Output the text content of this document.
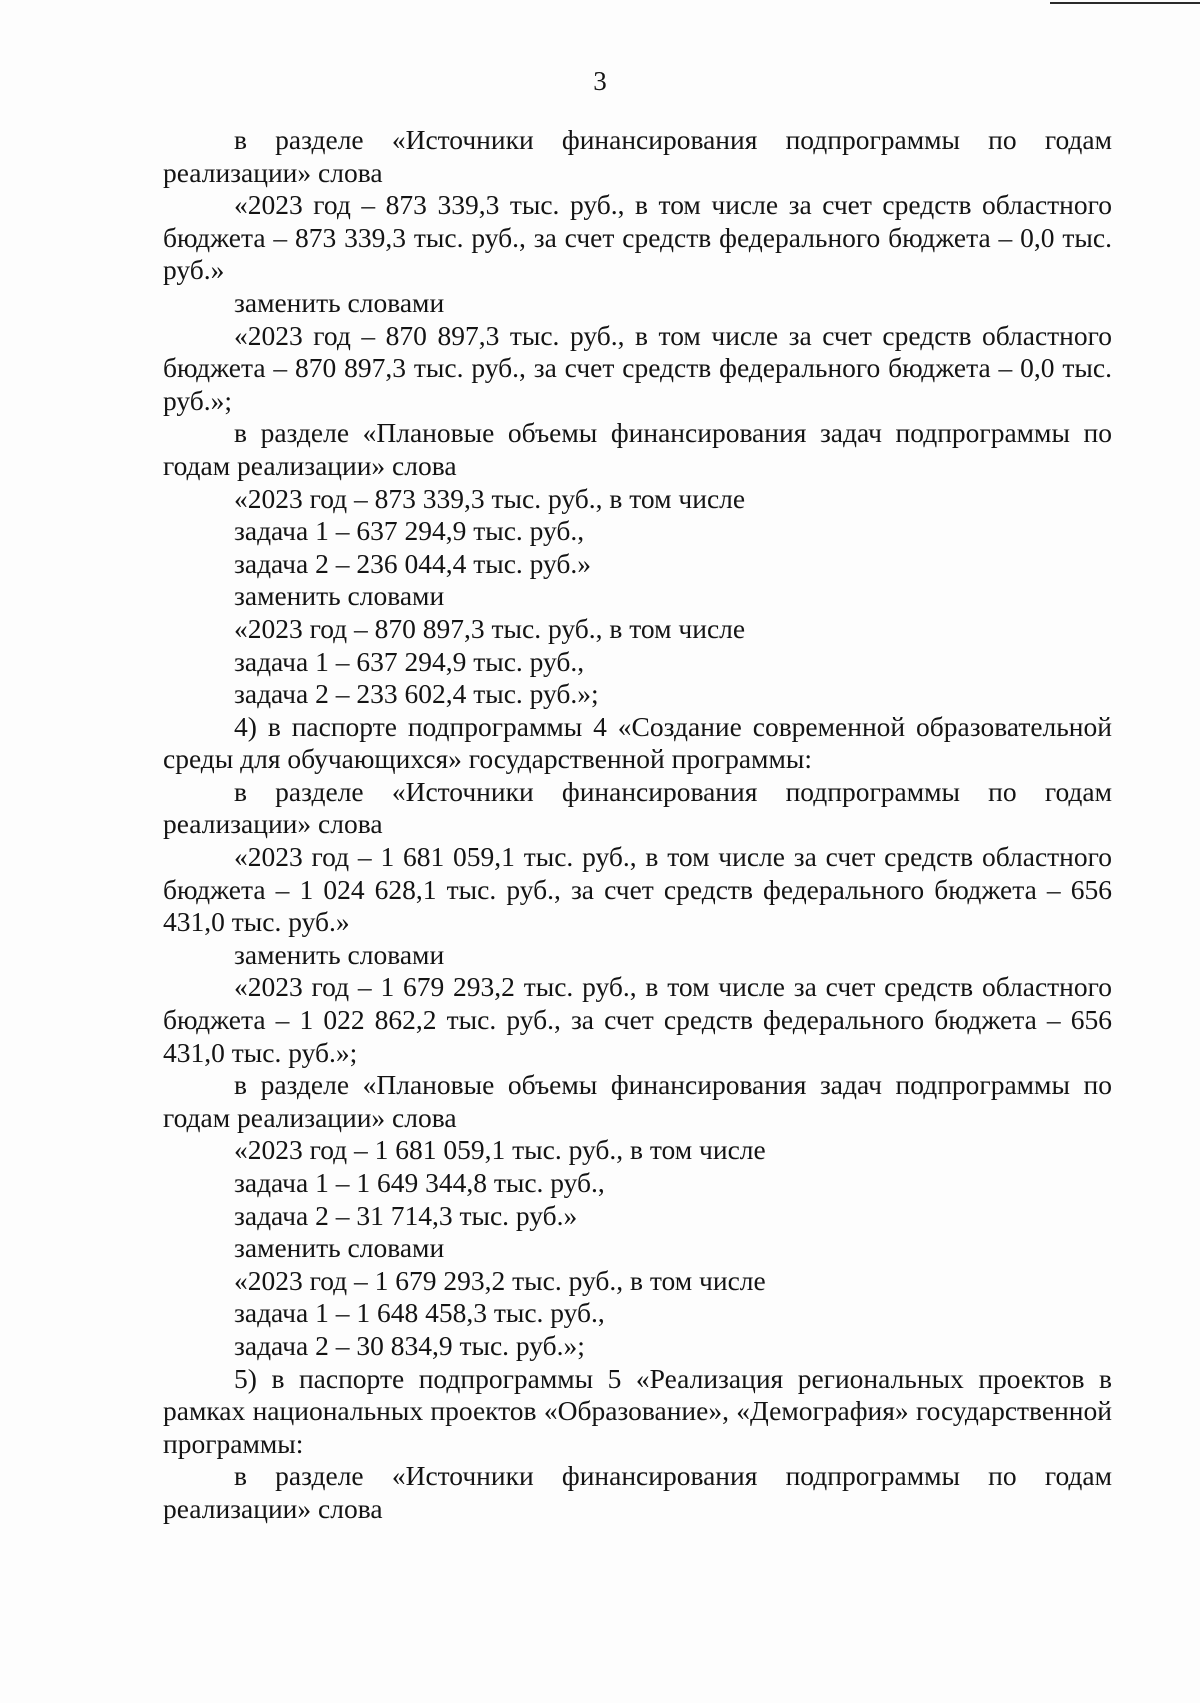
3

в разделе «Источники финансирования подпрограммы по годам реализации» слова

«2023 год – 873 339,3 тыс. руб., в том числе за счет средств областного бюджета – 873 339,3 тыс. руб., за счет средств федерального бюджета – 0,0 тыс. руб.»

заменить словами

«2023 год – 870 897,3 тыс. руб., в том числе за счет средств областного бюджета – 870 897,3 тыс. руб., за счет средств федерального бюджета – 0,0 тыс. руб.»;

в разделе «Плановые объемы финансирования задач подпрограммы по годам реализации» слова

«2023 год – 873 339,3 тыс. руб., в том числе

задача 1 – 637 294,9 тыс. руб.,

задача 2 – 236 044,4 тыс. руб.»

заменить словами

«2023 год – 870 897,3 тыс. руб., в том числе

задача 1 – 637 294,9 тыс. руб.,

задача 2 – 233 602,4 тыс. руб.»;

4) в паспорте подпрограммы 4 «Создание современной образовательной среды для обучающихся» государственной программы:

в разделе «Источники финансирования подпрограммы по годам реализации» слова

«2023 год – 1 681 059,1 тыс. руб., в том числе за счет средств областного бюджета – 1 024 628,1 тыс. руб., за счет средств федерального бюджета – 656 431,0 тыс. руб.»

заменить словами

«2023 год – 1 679 293,2 тыс. руб., в том числе за счет средств областного бюджета – 1 022 862,2 тыс. руб., за счет средств федерального бюджета – 656 431,0 тыс. руб.»;

в разделе «Плановые объемы финансирования задач подпрограммы по годам реализации» слова

«2023 год – 1 681 059,1 тыс. руб., в том числе

задача 1 – 1 649 344,8 тыс. руб.,

задача 2 – 31 714,3 тыс. руб.»

заменить словами

«2023 год – 1 679 293,2 тыс. руб., в том числе

задача 1 – 1 648 458,3 тыс. руб.,

задача 2 – 30 834,9 тыс. руб.»;

5) в паспорте подпрограммы 5 «Реализация региональных проектов в рамках национальных проектов «Образование», «Демография» государственной программы:

в разделе «Источники финансирования подпрограммы по годам реализации» слова
